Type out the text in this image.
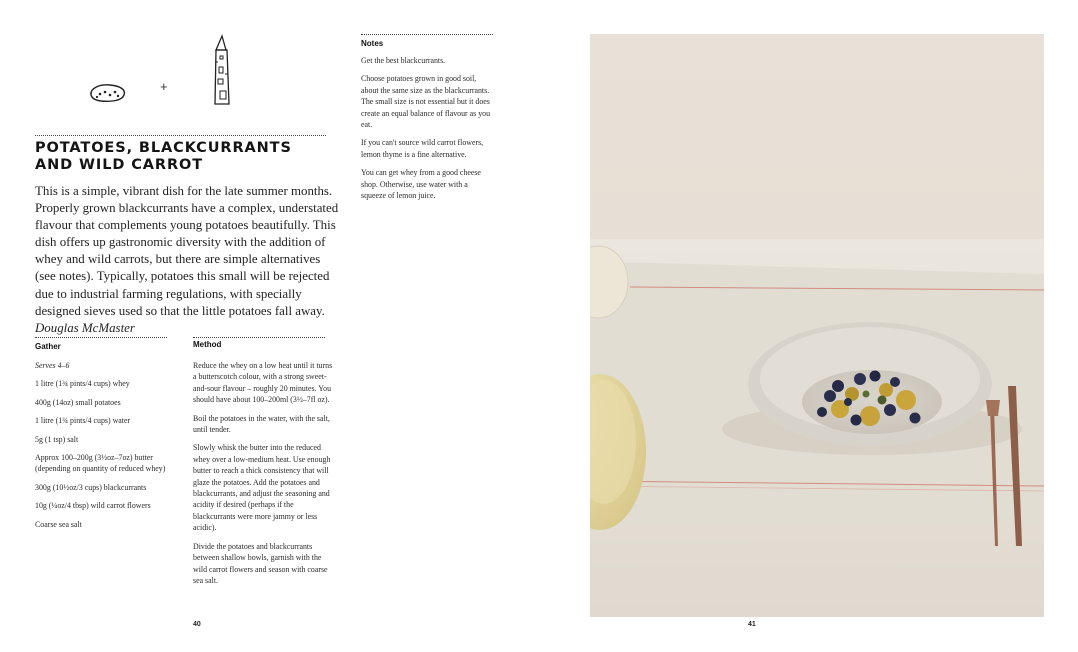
+
POTATOES, BLACKCURRANTS
AND WILD CARROT
This is a simple, vibrant dish for the late summer months. Properly grown blackcurrants have a complex, understated flavour that complements young potatoes beautifully. This dish offers up gastronomic diversity with the addition of whey and wild carrots, but there are simple alternatives (see notes). Typically, potatoes this small will be rejected due to industrial farming regulations, with specially designed sieves used so that the little potatoes fall away. Douglas McMaster
Gather

Serves 4–6

1 litre (1¾ pints/4 cups) whey

400g (14oz) small potatoes

1 litre (1¾ pints/4 cups) water

5g (1 tsp) salt

Approx 100–200g (3½oz–7oz) butter (depending on quantity of reduced whey)

300g (10½oz/3 cups) blackcurrants

10g (¼oz/4 tbsp) wild carrot flowers

Coarse sea salt

Method

Reduce the whey on a low heat until it turns a butterscotch colour, with a strong sweet-and-sour flavour – roughly 20 minutes. You should have about 100–200ml (3½–7fl oz).

Boil the potatoes in the water, with the salt, until tender.

Slowly whisk the butter into the reduced whey over a low-medium heat. Use enough butter to reach a thick consistency that will glaze the potatoes. Add the potatoes and blackcurrants, and adjust the seasoning and acidity if desired (perhaps if the blackcurrants were more jammy or less acidic).

Divide the potatoes and blackcurrants between shallow bowls, garnish with the wild carrot flowers and season with coarse sea salt.

Notes

Get the best blackcurrants.

Choose potatoes grown in good soil, about the same size as the blackcurrants. The small size is not essential but it does create an equal balance of flavour as you eat.

If you can't source wild carrot flowers, lemon thyme is a fine alternative.

You can get whey from a good cheese shop. Otherwise, use water with a squeeze of lemon juice.

40	41
